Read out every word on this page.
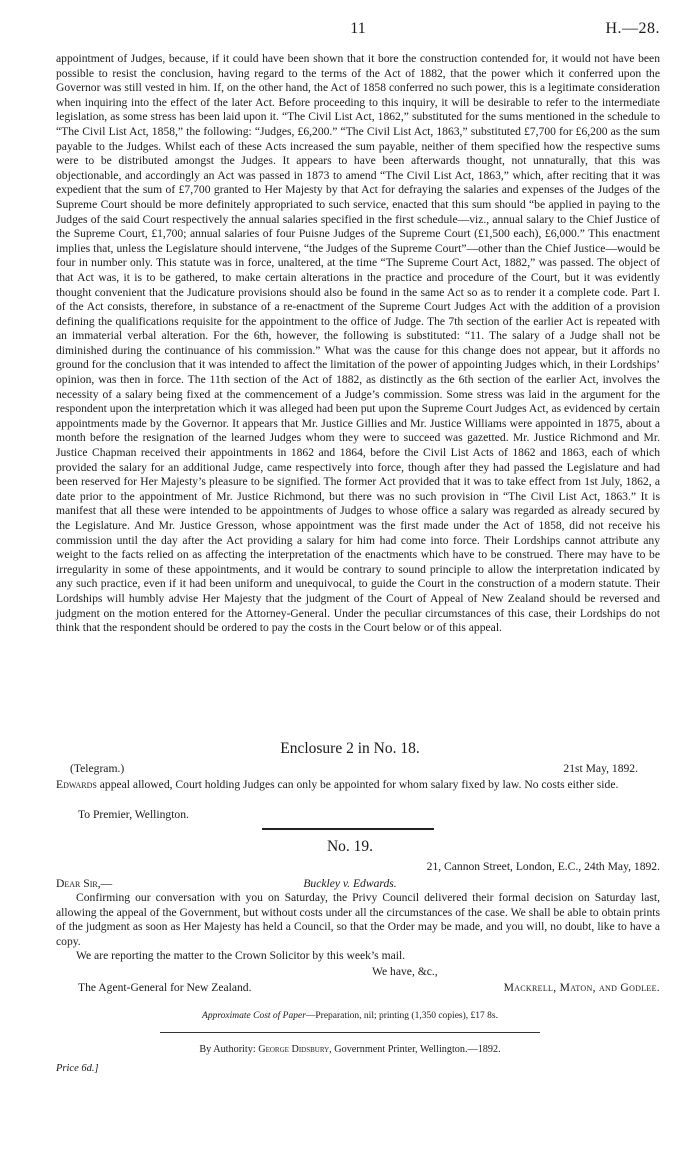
11	H.—28.
appointment of Judges, because, if it could have been shown that it bore the construction contended for, it would not have been possible to resist the conclusion, having regard to the terms of the Act of 1882, that the power which it conferred upon the Governor was still vested in him. If, on the other hand, the Act of 1858 conferred no such power, this is a legitimate consideration when inquiring into the effect of the later Act. Before proceeding to this inquiry, it will be desirable to refer to the intermediate legislation, as some stress has been laid upon it. “The Civil List Act, 1862,” substituted for the sums mentioned in the schedule to “The Civil List Act, 1858,” the following: “Judges, £6,200.” “The Civil List Act, 1863,” substituted £7,700 for £6,200 as the sum payable to the Judges. Whilst each of these Acts increased the sum payable, neither of them specified how the respective sums were to be distributed amongst the Judges. It appears to have been afterwards thought, not unnaturally, that this was objectionable, and accordingly an Act was passed in 1873 to amend “The Civil List Act, 1863,” which, after reciting that it was expedient that the sum of £7,700 granted to Her Majesty by that Act for defraying the salaries and expenses of the Judges of the Supreme Court should be more definitely appropriated to such service, enacted that this sum should “be applied in paying to the Judges of the said Court respectively the annual salaries specified in the first schedule—viz., annual salary to the Chief Justice of the Supreme Court, £1,700; annual salaries of four Puisne Judges of the Supreme Court (£1,500 each), £6,000.” This enactment implies that, unless the Legislature should intervene, “the Judges of the Supreme Court”—other than the Chief Justice—would be four in number only. This statute was in force, unaltered, at the time “The Supreme Court Act, 1882,” was passed. The object of that Act was, it is to be gathered, to make certain alterations in the practice and procedure of the Court, but it was evidently thought convenient that the Judicature provisions should also be found in the same Act so as to render it a complete code. Part I. of the Act consists, therefore, in substance of a re-enactment of the Supreme Court Judges Act with the addition of a provision defining the qualifications requisite for the appointment to the office of Judge. The 7th section of the earlier Act is repeated with an immaterial verbal alteration. For the 6th, however, the following is substituted: “11. The salary of a Judge shall not be diminished during the continuance of his commission.” What was the cause for this change does not appear, but it affords no ground for the conclusion that it was intended to affect the limitation of the power of appointing Judges which, in their Lordships’ opinion, was then in force. The 11th section of the Act of 1882, as distinctly as the 6th section of the earlier Act, involves the necessity of a salary being fixed at the commencement of a Judge’s commission. Some stress was laid in the argument for the respondent upon the interpretation which it was alleged had been put upon the Supreme Court Judges Act, as evidenced by certain appointments made by the Governor. It appears that Mr. Justice Gillies and Mr. Justice Williams were appointed in 1875, about a month before the resignation of the learned Judges whom they were to succeed was gazetted. Mr. Justice Richmond and Mr. Justice Chapman received their appointments in 1862 and 1864, before the Civil List Acts of 1862 and 1863, each of which provided the salary for an additional Judge, came respectively into force, though after they had passed the Legislature and had been reserved for Her Majesty’s pleasure to be signified. The former Act provided that it was to take effect from 1st July, 1862, a date prior to the appointment of Mr. Justice Richmond, but there was no such provision in “The Civil List Act, 1863.” It is manifest that all these were intended to be appointments of Judges to whose office a salary was regarded as already secured by the Legislature. And Mr. Justice Gresson, whose appointment was the first made under the Act of 1858, did not receive his commission until the day after the Act providing a salary for him had come into force. Their Lordships cannot attribute any weight to the facts relied on as affecting the interpretation of the enactments which have to be construed. There may have to be irregularity in some of these appointments, and it would be contrary to sound principle to allow the interpretation indicated by any such practice, even if it had been uniform and unequivocal, to guide the Court in the construction of a modern statute. Their Lordships will humbly advise Her Majesty that the judgment of the Court of Appeal of New Zealand should be reversed and judgment on the motion entered for the Attorney-General. Under the peculiar circumstances of this case, their Lordships do not think that the respondent should be ordered to pay the costs in the Court below or of this appeal.
Enclosure 2 in No. 18.
(Telegram.)	21st May, 1892.
Edwards appeal allowed, Court holding Judges can only be appointed for whom salary fixed by law. No costs either side.
To Premier, Wellington.
No. 19.
21, Cannon Street, London, E.C., 24th May, 1892.
Dear Sir,—	Buckley v. Edwards.

Confirming our conversation with you on Saturday, the Privy Council delivered their formal decision on Saturday last, allowing the appeal of the Government, but without costs under all the circumstances of the case. We shall be able to obtain prints of the judgment as soon as Her Majesty has held a Council, so that the Order may be made, and you will, no doubt, like to have a copy.

We are reporting the matter to the Crown Solicitor by this week’s mail.

We have, &c.,
The Agent-General for New Zealand.	Mackrell, Maton, and Godlee.
Approximate Cost of Paper—Preparation, nil; printing (1,350 copies), £17 8s.
By Authority: George Didsbury, Government Printer, Wellington.—1892.
Price 6d.]
